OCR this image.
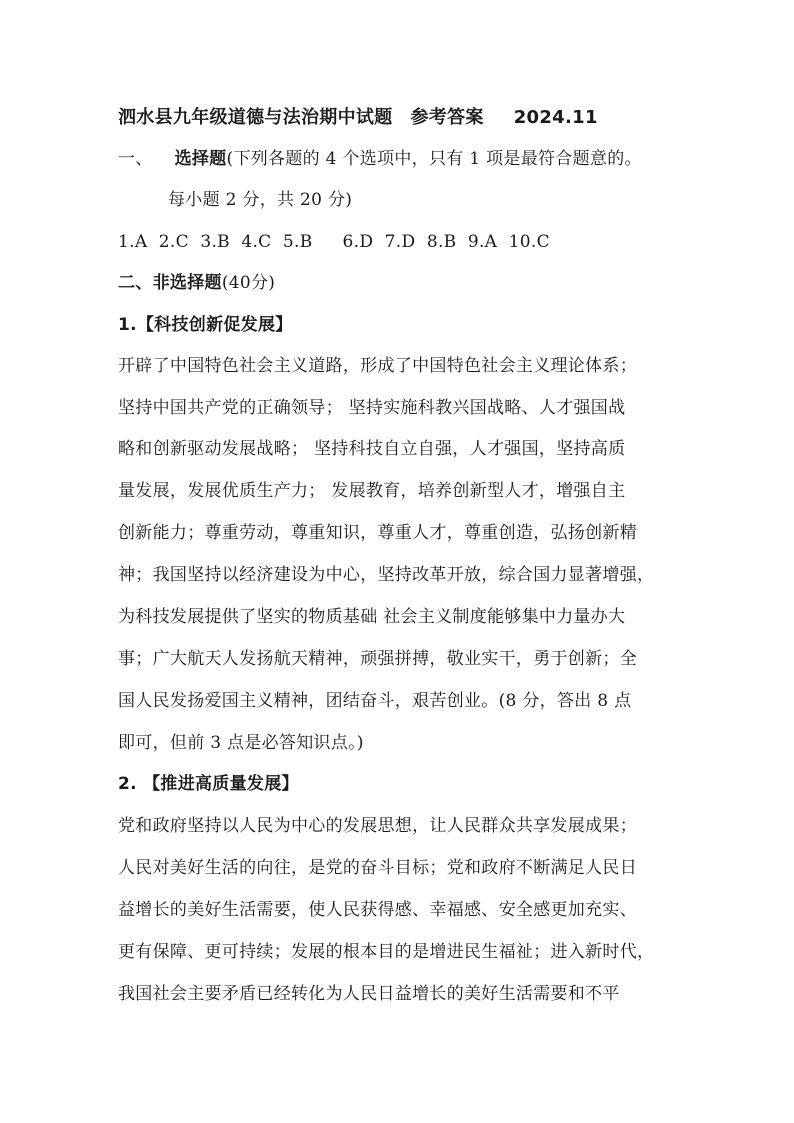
泗水县九年级道德与法治期中试题 参考答案 2024.11
一、 选择题(下列各题的 4 个选项中，只有 1 项是最符合题意的。
每小题 2 分，共 20 分)
1.A  2.C  3.B  4.C  5.B 6.D  7.D  8.B  9.A  10.C
二、非选择题(40分)
1.【科技创新促发展】
开辟了中国特色社会主义道路，形成了中国特色社会主义理论体系；
坚持中国共产党的正确领导； 坚持实施科教兴国战略、人才强国战
略和创新驱动发展战略； 坚持科技自立自强，人才强国，坚持高质
量发展，发展优质生产力； 发展教育，培养创新型人才，增强自主
创新能力；尊重劳动，尊重知识，尊重人才，尊重创造，弘扬创新精
神；我国坚持以经济建设为中心，坚持改革开放，综合国力显著增强，
为科技发展提供了坚实的物质基础 社会主义制度能够集中力量办大
事；广大航天人发扬航天精神，顽强拼搏，敬业实干，勇于创新；全
国人民发扬爱国主义精神，团结奋斗，艰苦创业。(8 分，答出 8 点
即可，但前 3 点是必答知识点。)
2. 【推进高质量发展】
党和政府坚持以人民为中心的发展思想，让人民群众共享发展成果；
人民对美好生活的向往，是党的奋斗目标；党和政府不断满足人民日
益增长的美好生活需要，使人民获得感、幸福感、安全感更加充实、
更有保障、更可持续；发展的根本目的是增进民生福祉；进入新时代，
我国社会主要矛盾已经转化为人民日益增长的美好生活需要和不平
